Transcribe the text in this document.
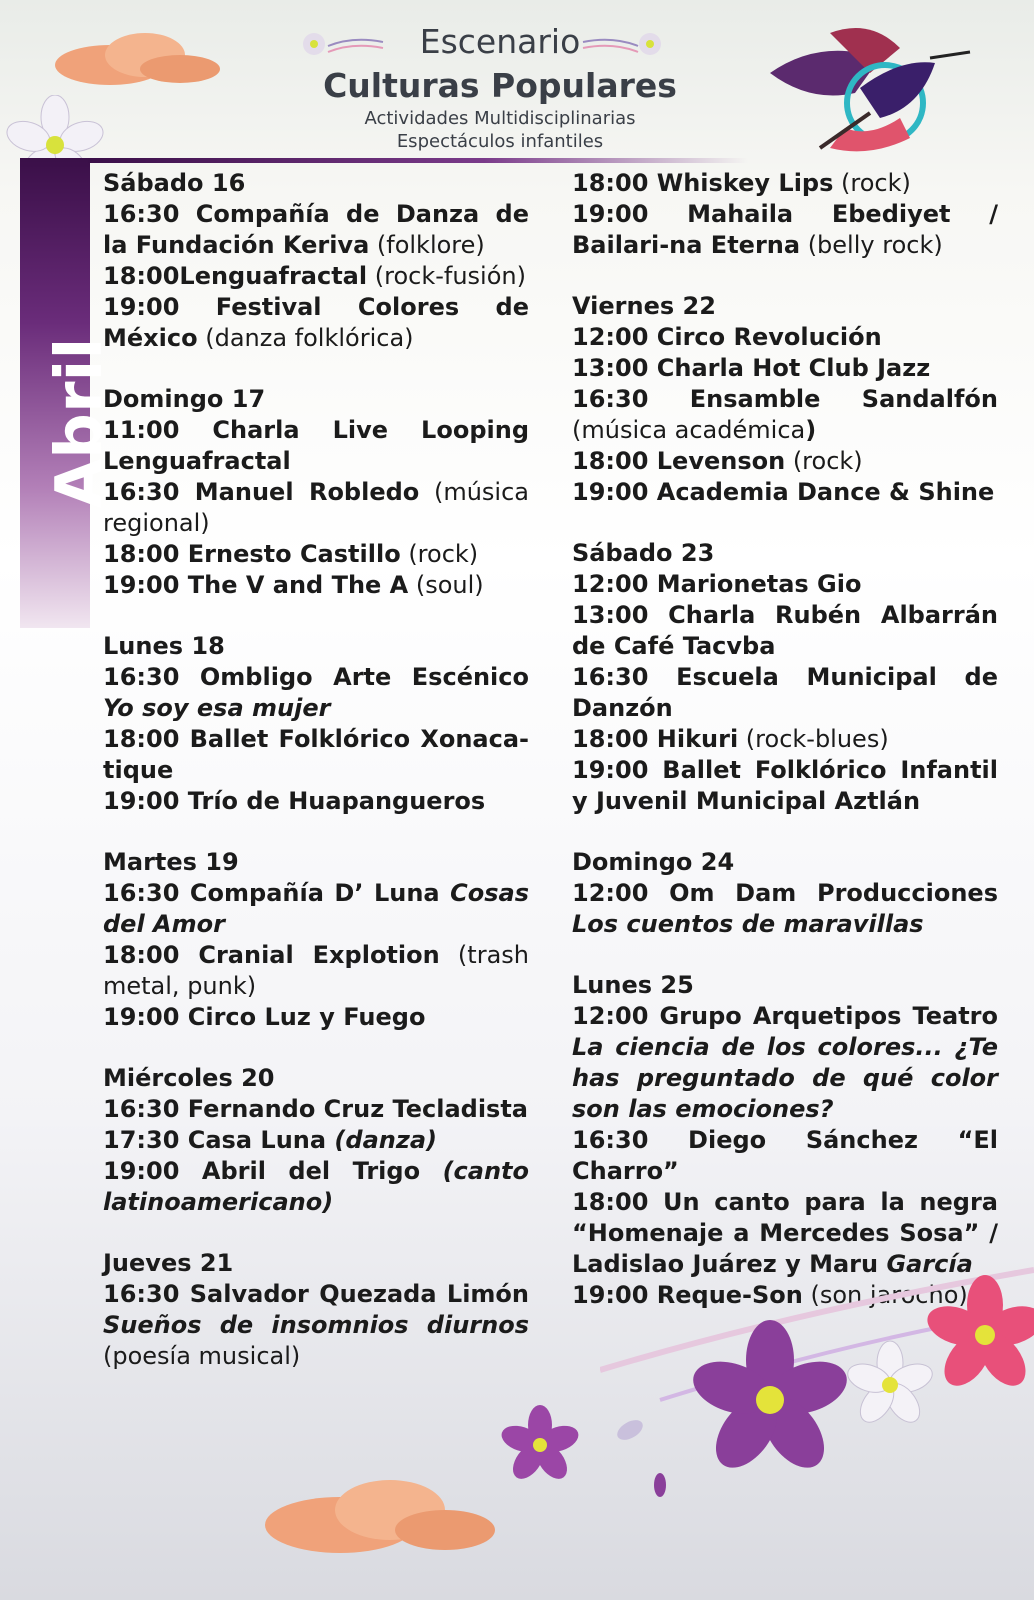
Escenario
Culturas Populares
Actividades Multidisciplinarias
Espectáculos infantiles
Abril
Sábado 16
16:30 Compañía de Danza de la Fundación Keriva (folklore)
18:00Lenguafractal (rock-fusión)
19:00 Festival Colores de México (danza folklórica)
Domingo 17
11:00 Charla Live Looping Lenguafractal
16:30 Manuel Robledo (música regional)
18:00 Ernesto Castillo (rock)
19:00 The V and The A (soul)
Lunes 18
16:30 Ombligo Arte Escénico Yo soy esa mujer
18:00 Ballet Folklórico Xonaca-tique
19:00 Trío de Huapangueros
Martes 19
16:30 Compañía D’ Luna Cosas del Amor
18:00 Cranial Explotion (trash metal, punk)
19:00 Circo Luz y Fuego
Miércoles 20
16:30 Fernando Cruz Tecladista
17:30 Casa Luna (danza)
19:00 Abril del Trigo (canto latinoamericano)
Jueves 21
16:30 Salvador Quezada Limón Sueños de insomnios diurnos (poesía musical)
18:00 Whiskey Lips (rock)
19:00 Mahaila Ebediyet / Bailari-na Eterna (belly rock)
Viernes 22
12:00 Circo Revolución
13:00 Charla Hot Club Jazz
16:30 Ensamble Sandalfón (música académica)
18:00 Levenson (rock)
19:00 Academia Dance & Shine
Sábado 23
12:00 Marionetas Gio
13:00 Charla Rubén Albarrán de Café Tacvba
16:30 Escuela Municipal de Danzón
18:00 Hikuri (rock-blues)
19:00 Ballet Folklórico Infantil y Juvenil Municipal Aztlán
Domingo 24
12:00 Om Dam Producciones Los cuentos de maravillas
Lunes 25
12:00 Grupo Arquetipos Teatro La ciencia de los colores... ¿Te has preguntado de qué color son las emociones?
16:30 Diego Sánchez “El Charro”
18:00 Un canto para la negra “Homenaje a Mercedes Sosa” / Ladislao Juárez y Maru García
19:00 Reque-Son (son jarocho)
